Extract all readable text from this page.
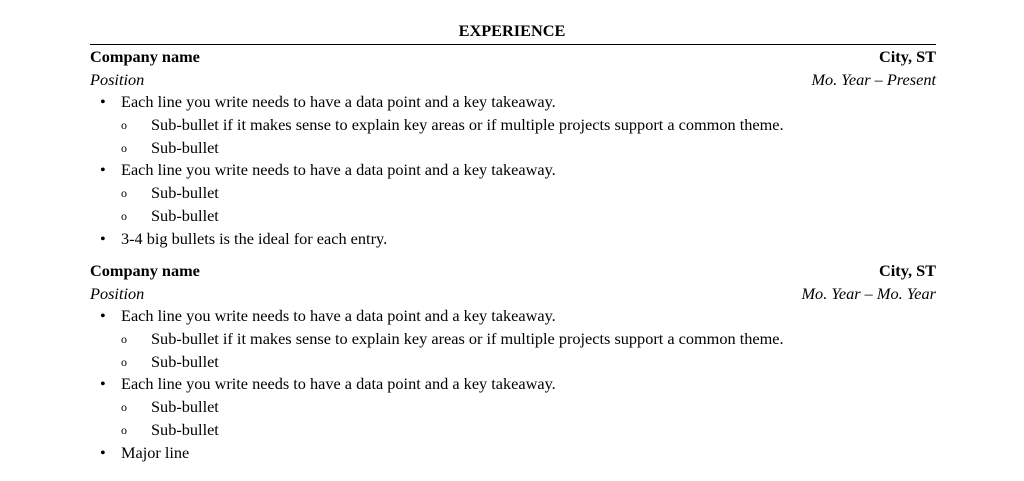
EXPERIENCE
Company name	City, ST
Position	Mo. Year – Present
• Each line you write needs to have a data point and a key takeaway.
o Sub-bullet if it makes sense to explain key areas or if multiple projects support a common theme.
o Sub-bullet
• Each line you write needs to have a data point and a key takeaway.
o Sub-bullet
o Sub-bullet
• 3-4 big bullets is the ideal for each entry.
Company name	City, ST
Position	Mo. Year – Mo. Year
• Each line you write needs to have a data point and a key takeaway.
o Sub-bullet if it makes sense to explain key areas or if multiple projects support a common theme.
o Sub-bullet
• Each line you write needs to have a data point and a key takeaway.
o Sub-bullet
o Sub-bullet
• Major line
